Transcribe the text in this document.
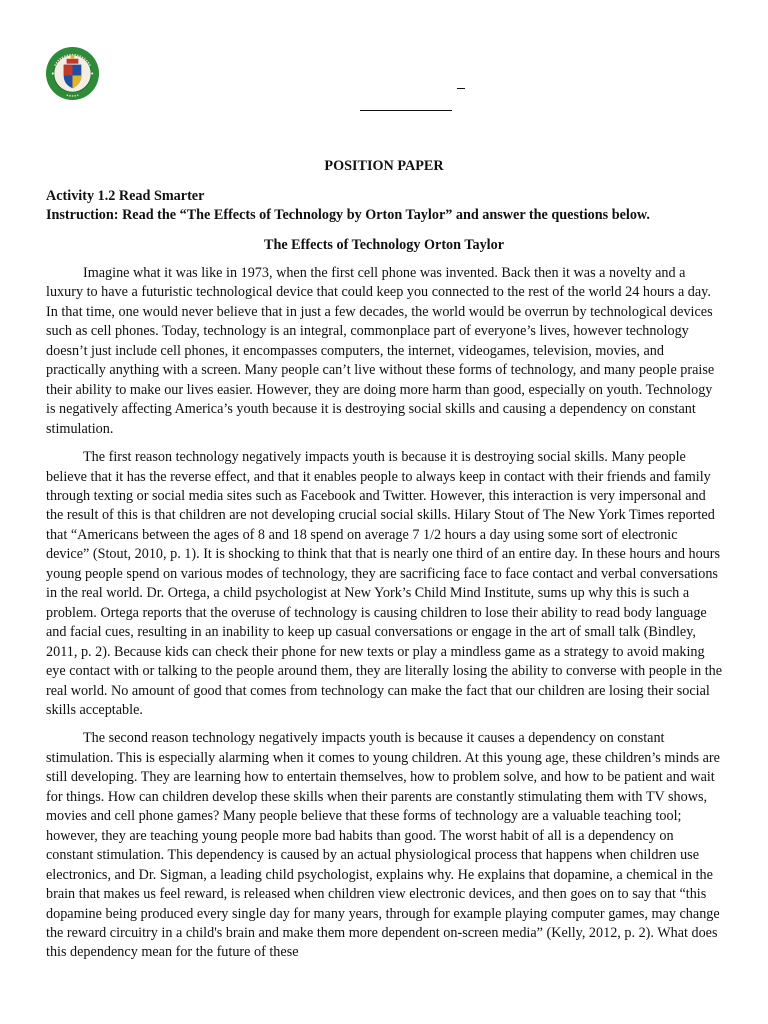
POSITION PAPER
Activity 1.2 Read Smarter
Instruction: Read the “The Effects of Technology by Orton Taylor” and answer the questions below.
The Effects of Technology Orton Taylor

Imagine what it was like in 1973, when the first cell phone was invented. Back then it was a novelty and a luxury to have a futuristic technological device that could keep you connected to the rest of the world 24 hours a day. In that time, one would never believe that in just a few decades, the world would be overrun by technological devices such as cell phones. Today, technology is an integral, commonplace part of everyone’s lives, however technology doesn’t just include cell phones, it encompasses computers, the internet, videogames, television, movies, and practically anything with a screen. Many people can’t live without these forms of technology, and many people praise their ability to make our lives easier. However, they are doing more harm than good, especially on youth. Technology is negatively affecting America’s youth because it is destroying social skills and causing a dependency on constant stimulation.

The first reason technology negatively impacts youth is because it is destroying social skills. Many people believe that it has the reverse effect, and that it enables people to always keep in contact with their friends and family through texting or social media sites such as Facebook and Twitter. However, this interaction is very impersonal and the result of this is that children are not developing crucial social skills. Hilary Stout of The New York Times reported that “Americans between the ages of 8 and 18 spend on average 7 1/2 hours a day using some sort of electronic device” (Stout, 2010, p. 1). It is shocking to think that that is nearly one third of an entire day. In these hours and hours young people spend on various modes of technology, they are sacrificing face to face contact and verbal conversations in the real world. Dr. Ortega, a child psychologist at New York’s Child Mind Institute, sums up why this is such a problem. Ortega reports that the overuse of technology is causing children to lose their ability to read body language and facial cues, resulting in an inability to keep up casual conversations or engage in the art of small talk (Bindley, 2011, p. 2). Because kids can check their phone for new texts or play a mindless game as a strategy to avoid making eye contact with or talking to the people around them, they are literally losing the ability to converse with people in the real world. No amount of good that comes from technology can make the fact that our children are losing their social skills acceptable.

The second reason technology negatively impacts youth is because it causes a dependency on constant stimulation. This is especially alarming when it comes to young children. At this young age, these children’s minds are still developing. They are learning how to entertain themselves, how to problem solve, and how to be patient and wait for things. How can children develop these skills when their parents are constantly stimulating them with TV shows, movies and cell phone games? Many people believe that these forms of technology are a valuable teaching tool; however, they are teaching young people more bad habits than good. The worst habit of all is a dependency on constant stimulation. This dependency is caused by an actual physiological process that happens when children use electronics, and Dr. Sigman, a leading child psychologist, explains why. He explains that dopamine, a chemical in the brain that makes us feel reward, is released when children view electronic devices, and then goes on to say that “this dopamine being produced every single day for many years, through for example playing computer games, may change the reward circuitry in a child's brain and make them more dependent on-screen media” (Kelly, 2012, p. 2). What does this dependency mean for the future of these
